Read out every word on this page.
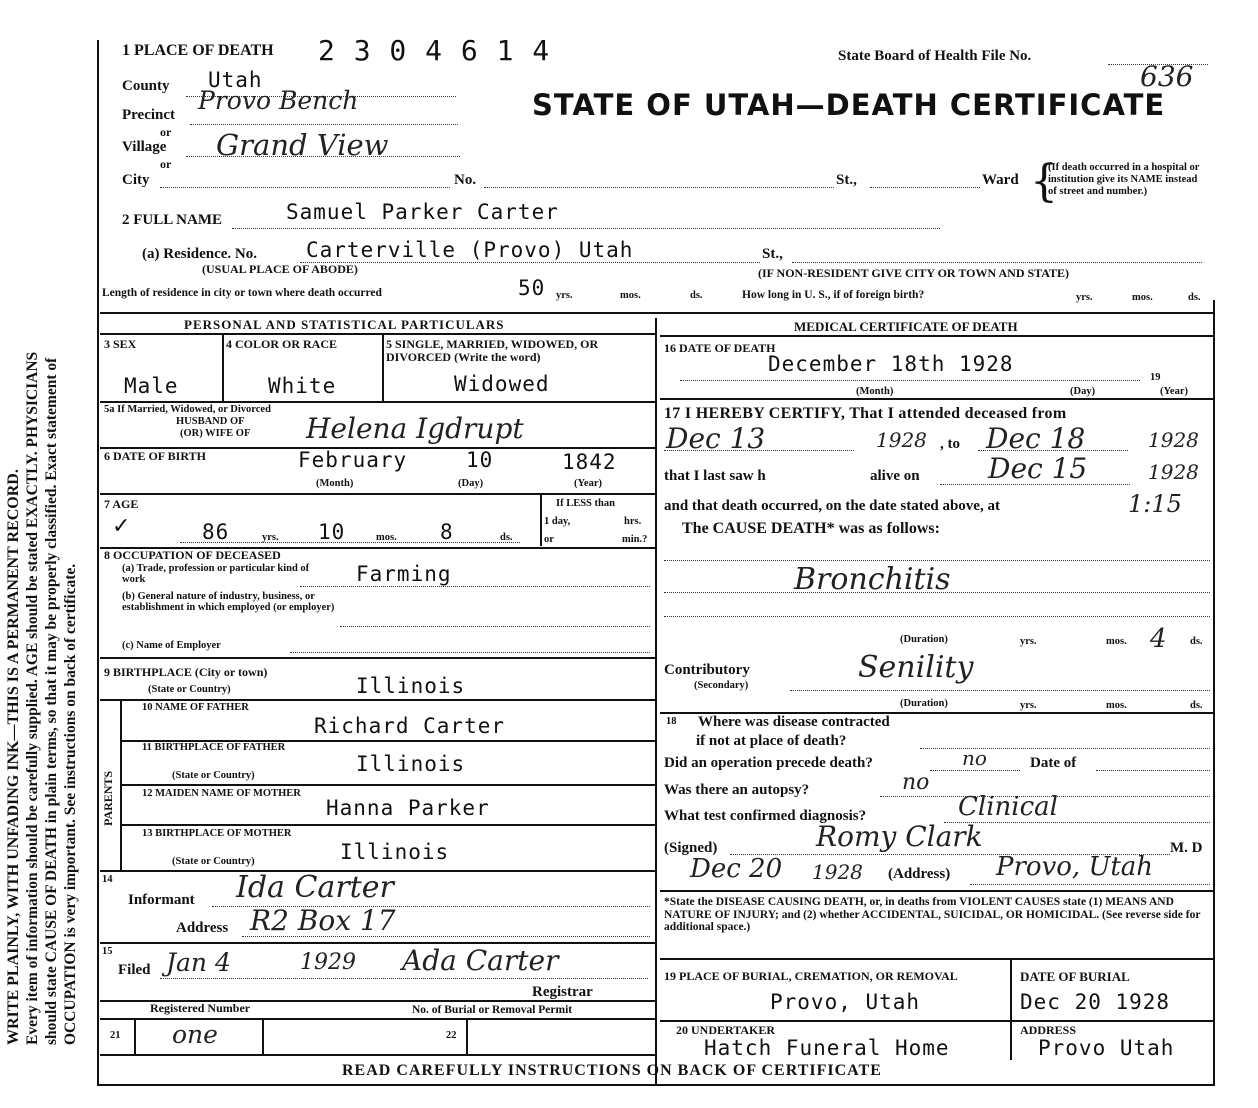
WRITE PLAINLY, WITH UNFADING INK—THIS IS A PERMANENT RECORD. Every item of information should be carefully supplied. AGE should be stated EXACTLY. PHYSICIANS should state CAUSE OF DEATH in plain terms, so that it may be properly classified. Exact statement of OCCUPATION is very important. See instructions on back of certificate.
1 PLACE OF DEATH 2 3 0 4 6 1 4	State Board of Health File No.
636
STATE OF UTAH—DEATH CERTIFICATE
County Utah
Precinct Provo Bench
or
Village Grand View
or
City	No.	St.,	Ward {
(If death occurred in a hospital or institution give its NAME instead of street and number.)
2 FULL NAME	Samuel Parker Carter
(a) Residence. No. Carterville (Provo) Utah	St.,
(USUAL PLACE OF ABODE)	(IF NON-RESIDENT GIVE CITY OR TOWN AND STATE)
Length of residence in city or town where death occurred	50 yrs.	mos.	ds.	How long in U. S., if of foreign birth?	yrs.	mos.	ds.
PERSONAL AND STATISTICAL PARTICULARS	MEDICAL CERTIFICATE OF DEATH
3 SEX
Male
4 COLOR OR RACE
White
5 SINGLE, MARRIED, WIDOWED, OR DIVORCED (Write the word)
Widowed
5a If Married, Widowed, or Divorced
HUSBAND OF
(OR) WIFE OF Helena Igdrupt
6 DATE OF BIRTH	February	10	1842
(Month)	(Day)	(Year)
7 AGE
✓	86	yrs. 10	mos. 8	ds.
If LESS than
1 day,	hrs.
or	min.?
8 OCCUPATION OF DECEASED
(a) Trade, profession or particular kind of work	Farming
(b) General nature of industry, business, or establishment in which employed (or employer)
(c) Name of Employer
9 BIRTHPLACE (City or town)
(State or Country)	Illinois
PARENTS
10 NAME OF FATHER
Richard Carter
11 BIRTHPLACE OF FATHER
(State or Country)	Illinois
12 MAIDEN NAME OF MOTHER
Hanna Parker
13 BIRTHPLACE OF MOTHER
(State or Country)	Illinois
14
Informant Ida Carter
Address R2 Box 17
15
Filed Jan 4	1929 Ada Carter
Registrar
Registered Number	No. of Burial or Removal Permit
21 one	22
16 DATE OF DEATH
December 18th 1928
19
(Month)	(Day)	(Year)
17 I HEREBY CERTIFY, That I attended deceased from
Dec 13	1928 , to Dec 18	1928
that I last saw h	alive on Dec 15	1928
and that death occurred, on the date stated above, at	1:15
The CAUSE DEATH* was as follows:
Bronchitis
(Duration)	yrs.	mos. 4 ds.
Contributory
(Secondary)
Senility
(Duration)	yrs.	mos.	ds.
18 Where was disease contracted
if not at place of death?
Did an operation precede death?	no	Date of
Was there an autopsy?	no
What test confirmed diagnosis?	Clinical
(Signed)	Romy Clark	M. D
Dec 20 1928 (Address) Provo, Utah
*State the DISEASE CAUSING DEATH, or, in deaths from VIOLENT CAUSES state (1) MEANS AND NATURE OF INJURY; and (2) whether ACCIDENTAL, SUICIDAL, OR HOMICIDAL. (See reverse side for additional space.)
19 PLACE OF BURIAL, CREMATION, OR REMOVAL
Provo, Utah
DATE OF BURIAL
Dec 20 1928
20 UNDERTAKER
Hatch Funeral Home
ADDRESS
Provo Utah
READ CAREFULLY INSTRUCTIONS ON BACK OF CERTIFICATE
